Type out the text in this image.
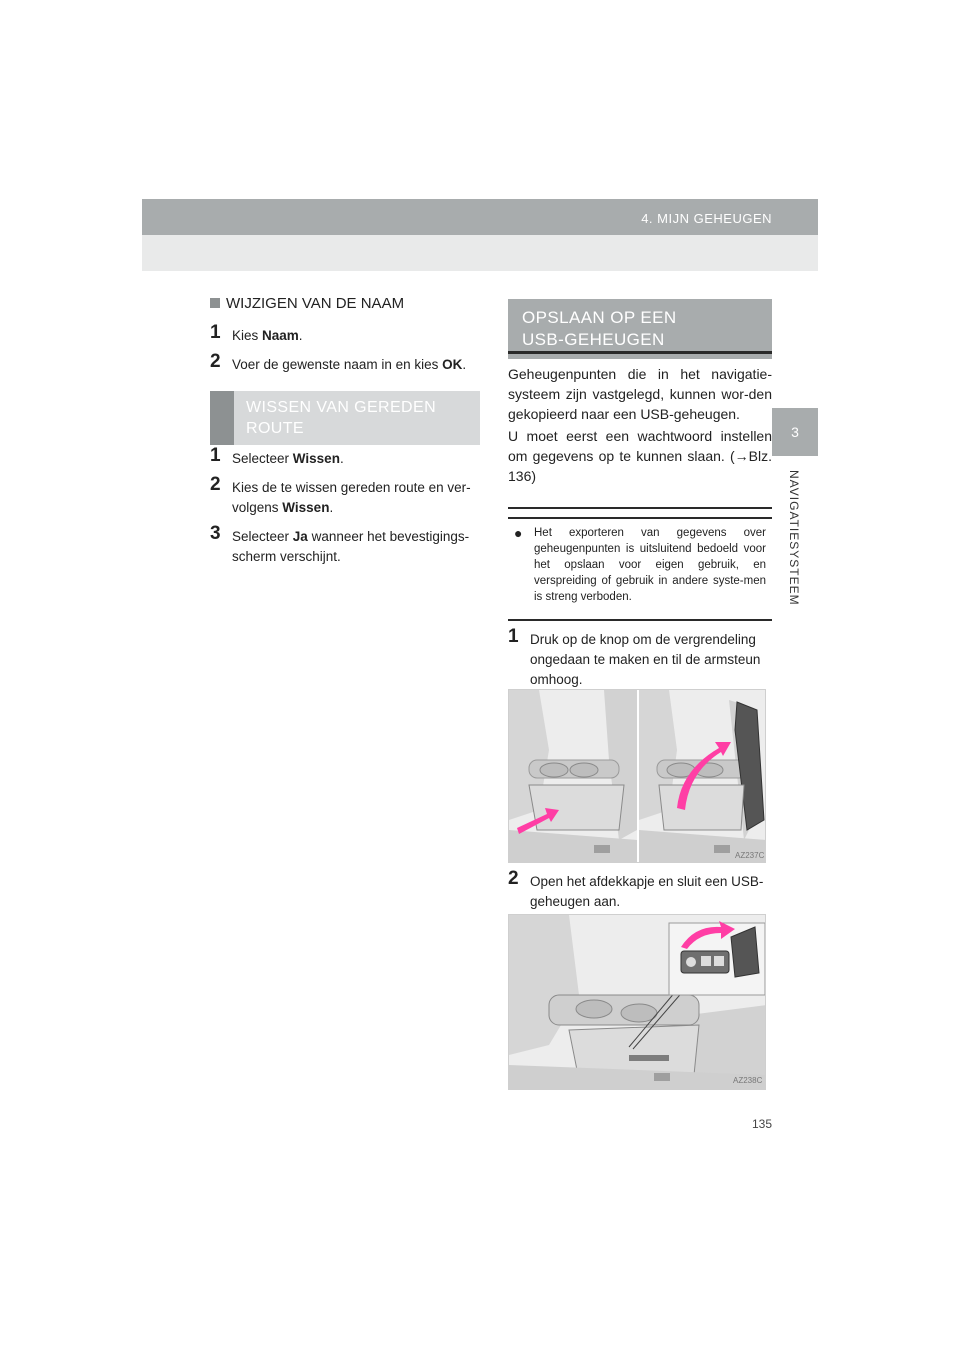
4. MIJN GEHEUGEN
3
NAVIGATIESYSTEEM
WIJZIGEN VAN DE NAAM
1 Kies Naam.
2 Voer de gewenste naam in en kies OK.
WISSEN VAN GEREDEN
ROUTE
1 Selecteer Wissen.
2 Kies de te wissen gereden route en ver-volgens Wissen.
3 Selecteer Ja wanneer het bevestigings-scherm verschijnt.
OPSLAAN OP EEN
USB-GEHEUGEN

Geheugenpunten die in het navigatie-systeem zijn vastgelegd, kunnen wor-den gekopieerd naar een USB-geheugen.

U moet eerst een wachtwoord instellen om gegevens op te kunnen slaan. (→Blz. 136)

●	Het exporteren van gegevens over geheugenpunten is uitsluitend bedoeld voor het opslaan voor eigen gebruik, en verspreiding of gebruik in andere syste-men is streng verboden.
1 Druk op de knop om de vergrendeling ongedaan te maken en til de armsteun omhoog.
AZ237C
2 Open het afdekkapje en sluit een USB-geheugen aan.
AZ238C
135
